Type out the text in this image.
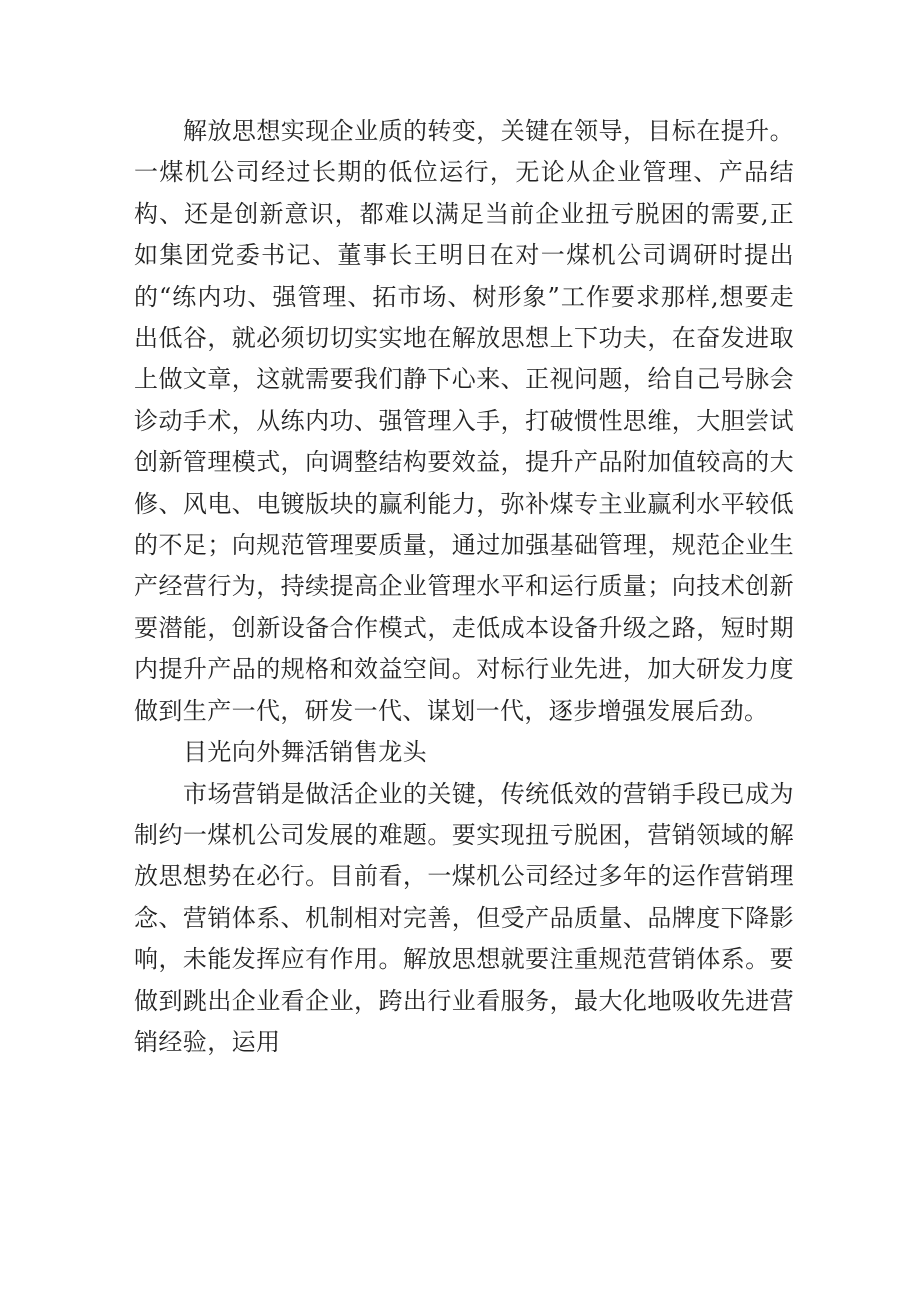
解放思想实现企业质的转变，关键在领导，目标在提升。一煤机公司经过长期的低位运行，无论从企业管理、产品结构、还是创新意识，都难以满足当前企业扭亏脱困的需要,正如集团党委书记、董事长王明日在对一煤机公司调研时提出的“练内功、强管理、拓市场、树形象”工作要求那样,想要走出低谷，就必须切切实实地在解放思想上下功夫，在奋发进取上做文章，这就需要我们静下心来、正视问题，给自己号脉会诊动手术，从练内功、强管理入手，打破惯性思维，大胆尝试创新管理模式，向调整结构要效益，提升产品附加值较高的大修、风电、电镀版块的赢利能力，弥补煤专主业赢利水平较低的不足；向规范管理要质量，通过加强基础管理，规范企业生产经营行为，持续提高企业管理水平和运行质量；向技术创新要潜能，创新设备合作模式，走低成本设备升级之路，短时期内提升产品的规格和效益空间。对标行业先进，加大研发力度做到生产一代，研发一代、谋划一代，逐步增强发展后劲。

目光向外舞活销售龙头

市场营销是做活企业的关键，传统低效的营销手段已成为制约一煤机公司发展的难题。要实现扭亏脱困，营销领域的解放思想势在必行。目前看，一煤机公司经过多年的运作营销理念、营销体系、机制相对完善，但受产品质量、品牌度下降影响，未能发挥应有作用。解放思想就要注重规范营销体系。要做到跳出企业看企业，跨出行业看服务，最大化地吸收先进营销经验，运用
